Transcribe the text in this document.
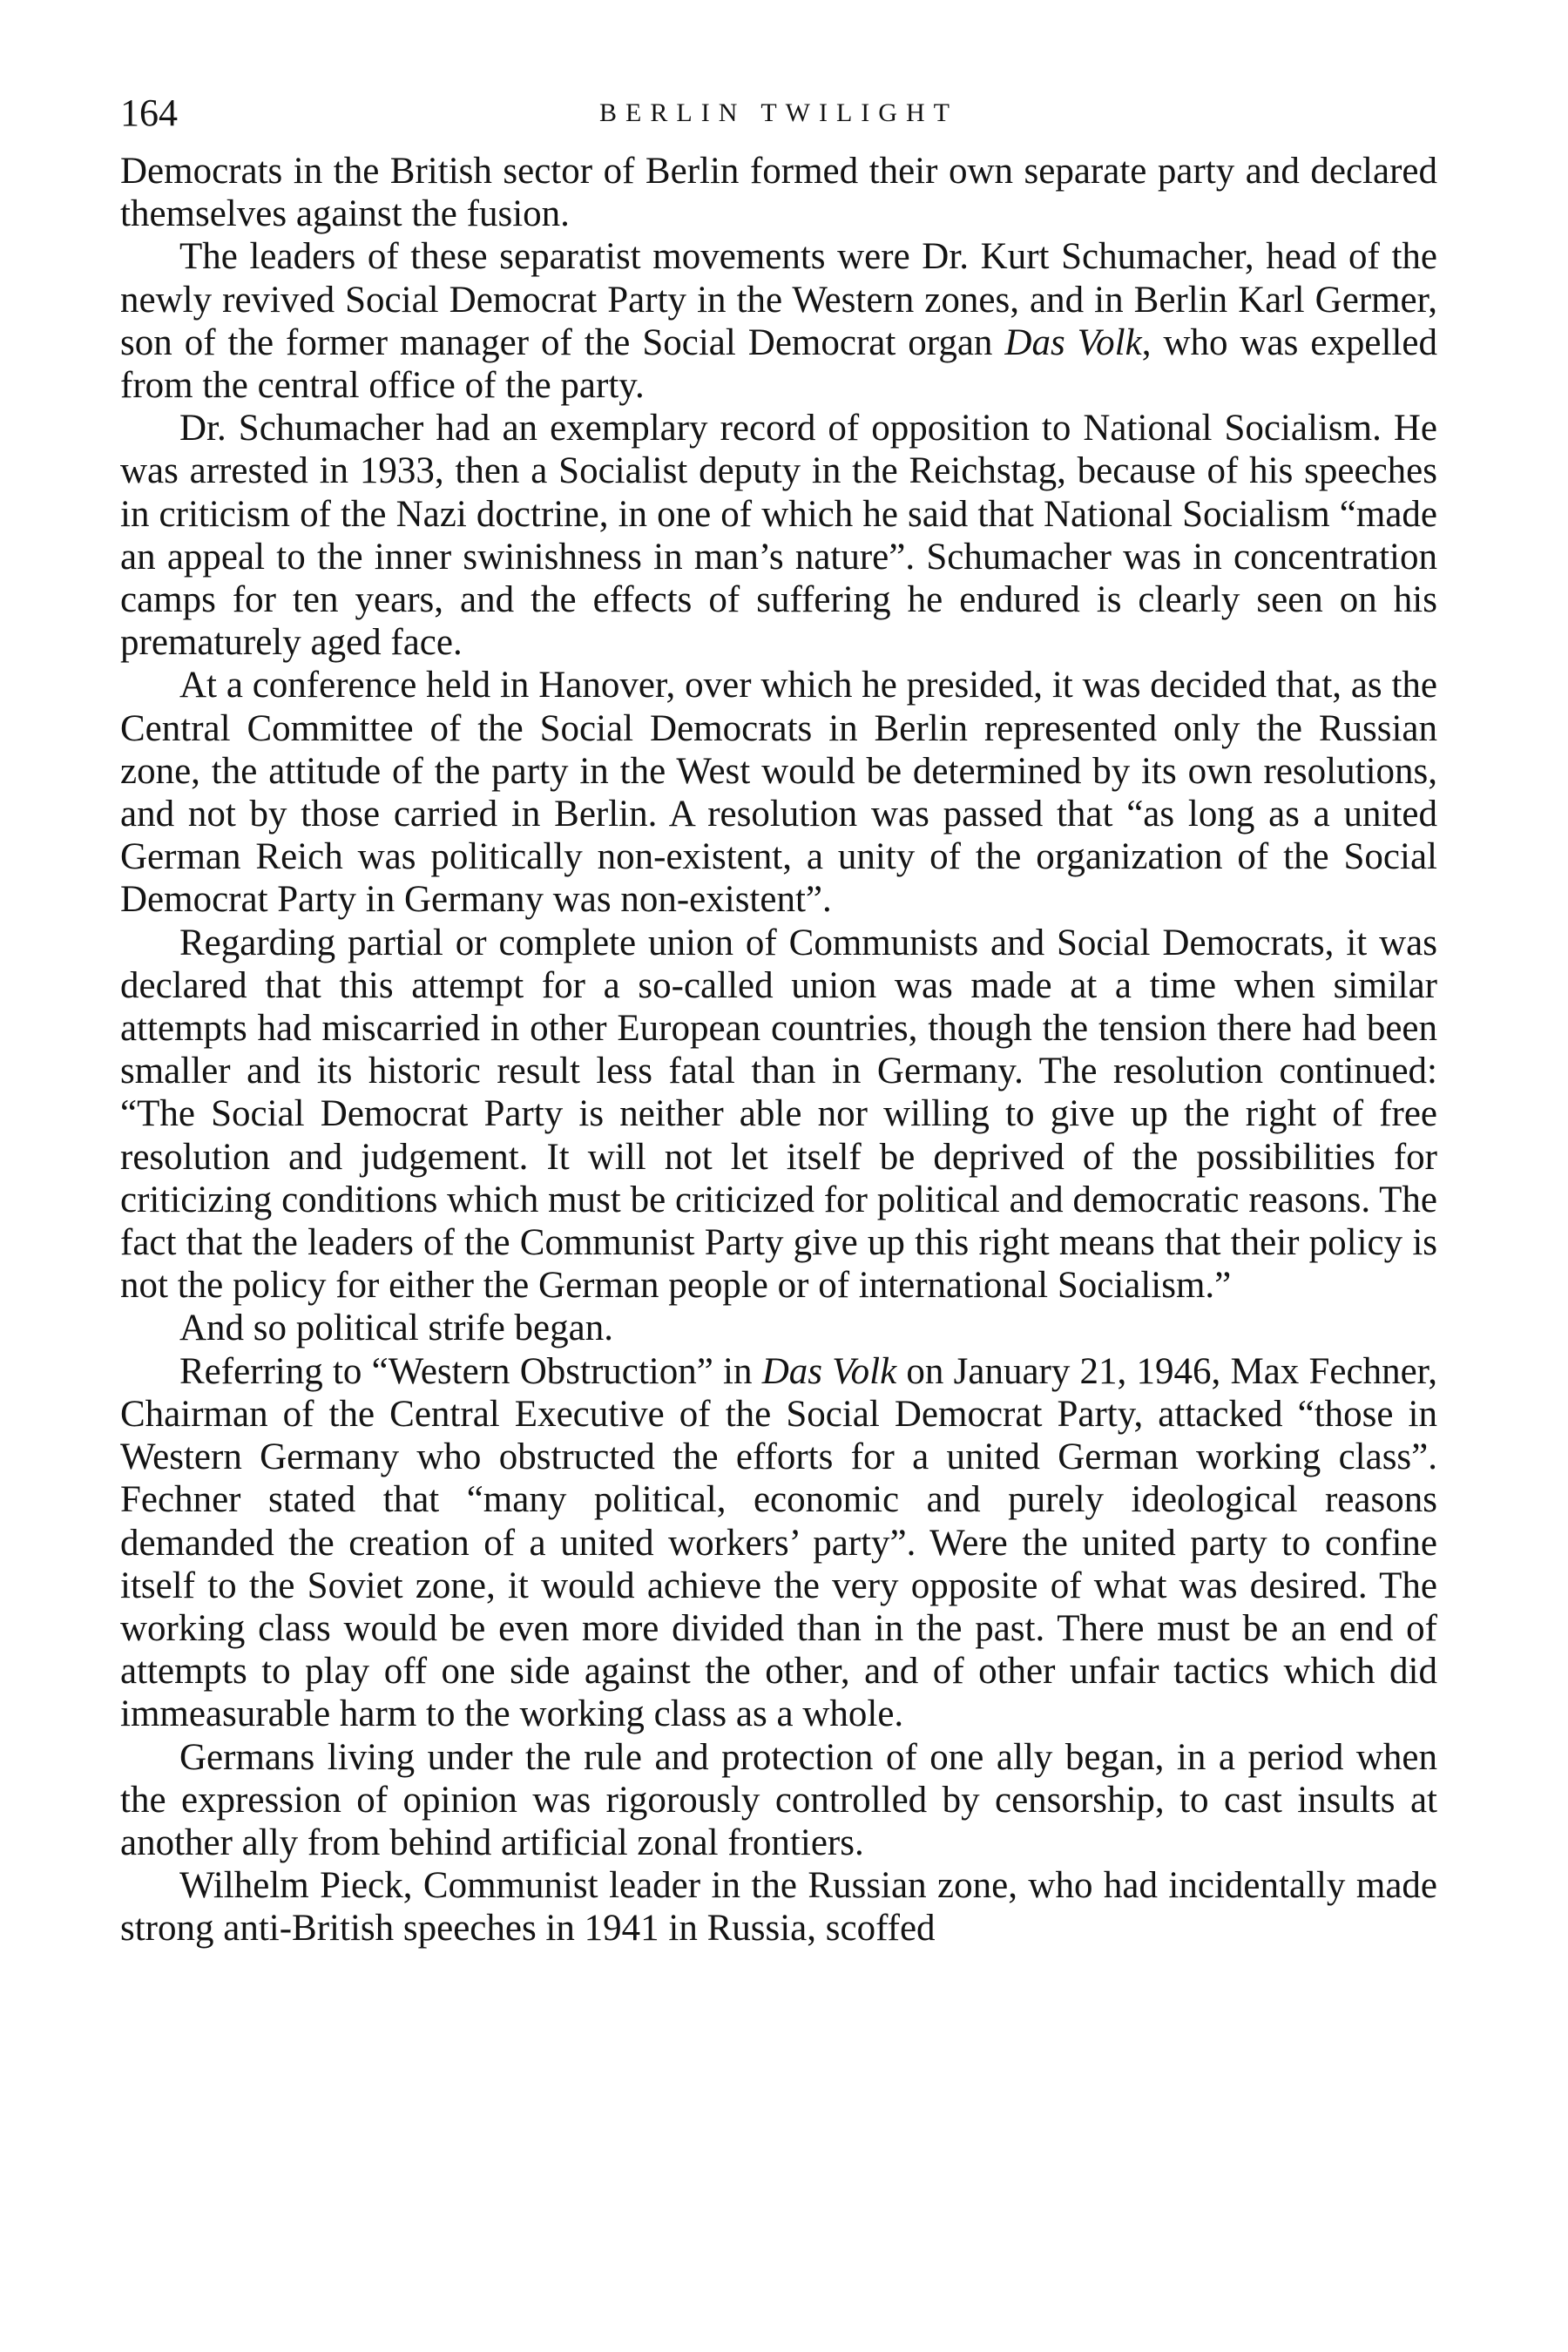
164	BERLIN TWILIGHT

Democrats in the British sector of Berlin formed their own separate party and declared themselves against the fusion.

The leaders of these separatist movements were Dr. Kurt Schumacher, head of the newly revived Social Democrat Party in the Western zones, and in Berlin Karl Germer, son of the former manager of the Social Democrat organ Das Volk, who was expelled from the central office of the party.

Dr. Schumacher had an exemplary record of opposition to National Socialism. He was arrested in 1933, then a Socialist deputy in the Reichstag, because of his speeches in criticism of the Nazi doctrine, in one of which he said that National Socialism “made an appeal to the inner swinishness in man’s nature”. Schumacher was in concentration camps for ten years, and the effects of suffering he endured is clearly seen on his prematurely aged face.

At a conference held in Hanover, over which he presided, it was decided that, as the Central Committee of the Social Democrats in Berlin represented only the Russian zone, the attitude of the party in the West would be determined by its own resolutions, and not by those carried in Berlin. A resolution was passed that “as long as a united German Reich was politically non-existent, a unity of the organization of the Social Democrat Party in Germany was non-existent”.

Regarding partial or complete union of Communists and Social Democrats, it was declared that this attempt for a so-called union was made at a time when similar attempts had miscarried in other European countries, though the tension there had been smaller and its historic result less fatal than in Germany. The resolution continued: “The Social Democrat Party is neither able nor willing to give up the right of free resolution and judgement. It will not let itself be deprived of the possibilities for criticizing conditions which must be criticized for political and democratic reasons. The fact that the leaders of the Communist Party give up this right means that their policy is not the policy for either the German people or of international Socialism.”

And so political strife began.

Referring to “Western Obstruction” in Das Volk on January 21, 1946, Max Fechner, Chairman of the Central Executive of the Social Democrat Party, attacked “those in Western Germany who obstructed the efforts for a united German working class”. Fechner stated that “many political, economic and purely ideological reasons demanded the creation of a united workers’ party”. Were the united party to confine itself to the Soviet zone, it would achieve the very opposite of what was desired. The working class would be even more divided than in the past. There must be an end of attempts to play off one side against the other, and of other unfair tactics which did immeasurable harm to the working class as a whole.

Germans living under the rule and protection of one ally began, in a period when the expression of opinion was rigorously controlled by censorship, to cast insults at another ally from behind artificial zonal frontiers.

Wilhelm Pieck, Communist leader in the Russian zone, who had incidentally made strong anti-British speeches in 1941 in Russia, scoffed
